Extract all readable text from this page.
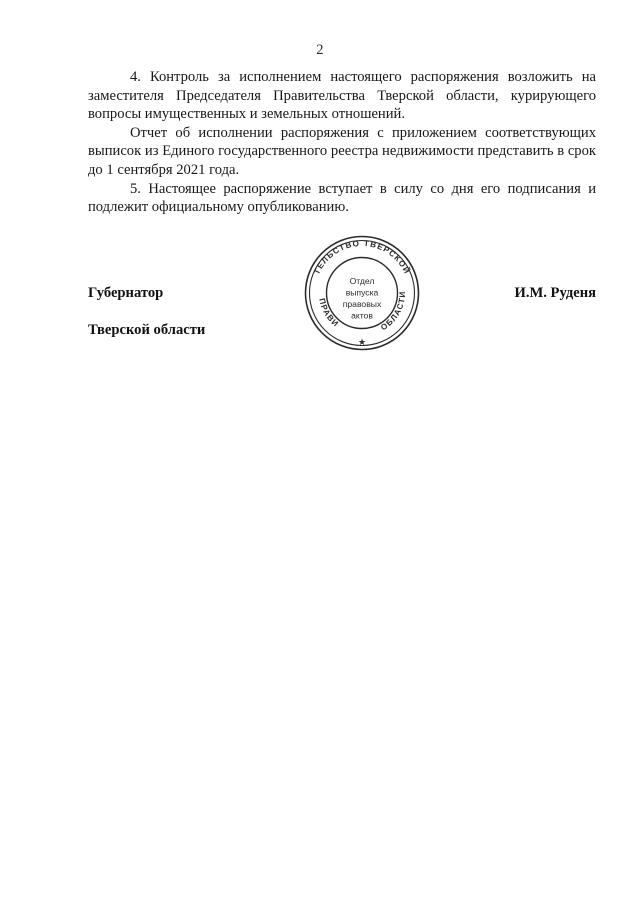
2

4. Контроль за исполнением настоящего распоряжения возложить на заместителя Председателя Правительства Тверской области, курирующего вопросы имущественных и земельных отношений.

Отчет об исполнении распоряжения с приложением соответствующих выписок из Единого государственного реестра недвижимости представить в срок до 1 сентября 2021 года.

5. Настоящее распоряжение вступает в силу со дня его подписания и подлежит официальному опубликованию.

Губернатор

Тверской области

И.М. Руденя
ТЕЛЬСТВО ТВЕРСКОЙ
ПРАВИ	ОБЛАСТИ
★
Отдел
выпуска
правовых
актов
